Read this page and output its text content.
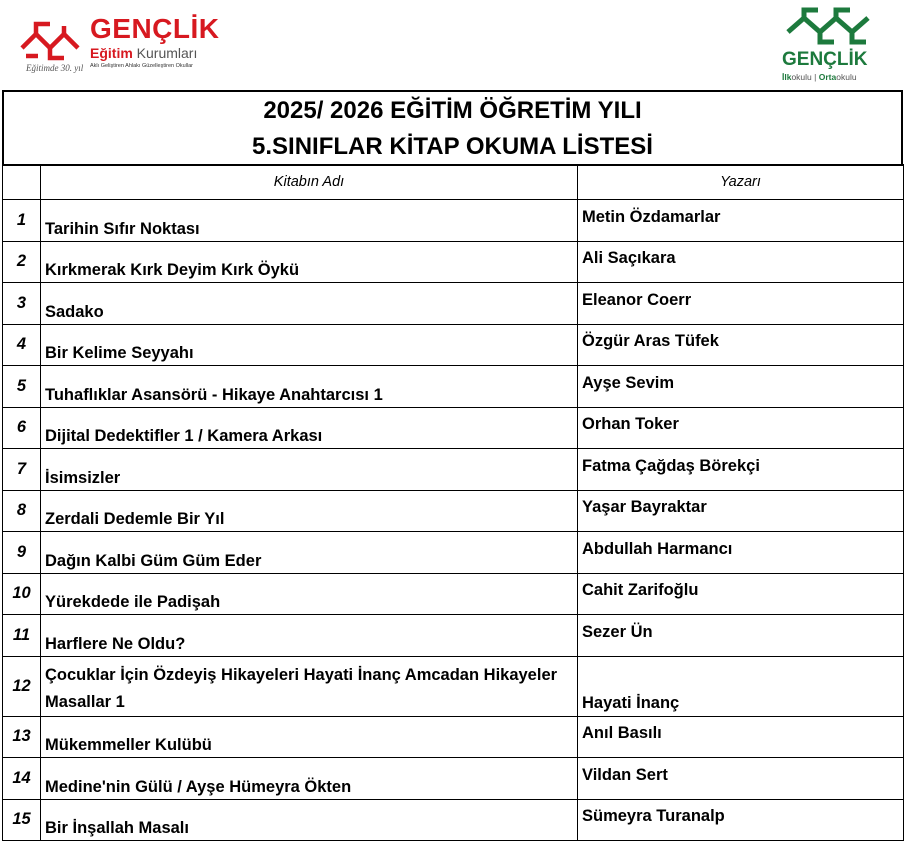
GENÇLİK
Eğitim Kurumları
Aklı Geliştiren Ahlakı Güzelleştiren Okullar
Eğitimde 30. yıl	GENÇLİK
İlkokulu | Ortaokulu
2025/ 2026 EĞİTİM ÖĞRETİM YILI
5.SINIFLAR KİTAP OKUMA LİSTESİ
	Kitabın Adı	Yazarı
1	Tarihin Sıfır Noktası	Metin Özdamarlar
2	Kırkmerak Kırk Deyim Kırk Öykü	Ali Saçıkara
3	Sadako	Eleanor Coerr
4	Bir Kelime Seyyahı	Özgür Aras Tüfek
5	Tuhaflıklar Asansörü - Hikaye Anahtarcısı 1	Ayşe Sevim
6	Dijital Dedektifler 1 / Kamera Arkası	Orhan Toker
7	İsimsizler	Fatma Çağdaş Börekçi
8	Zerdali Dedemle Bir Yıl	Yaşar Bayraktar
9	Dağın Kalbi Güm Güm Eder	Abdullah Harmancı
10	Yürekdede ile Padişah	Cahit Zarifoğlu
11	Harflere Ne Oldu?	Sezer Ün
12	Çocuklar İçin Özdeyiş Hikayeleri Hayati İnanç Amcadan Hikayeler Masallar 1	Hayati İnanç
13	Mükemmeller Kulübü	Anıl Basılı
14	Medine'nin Gülü / Ayşe Hümeyra Ökten	Vildan Sert
15	Bir İnşallah Masalı	Sümeyra Turanalp
